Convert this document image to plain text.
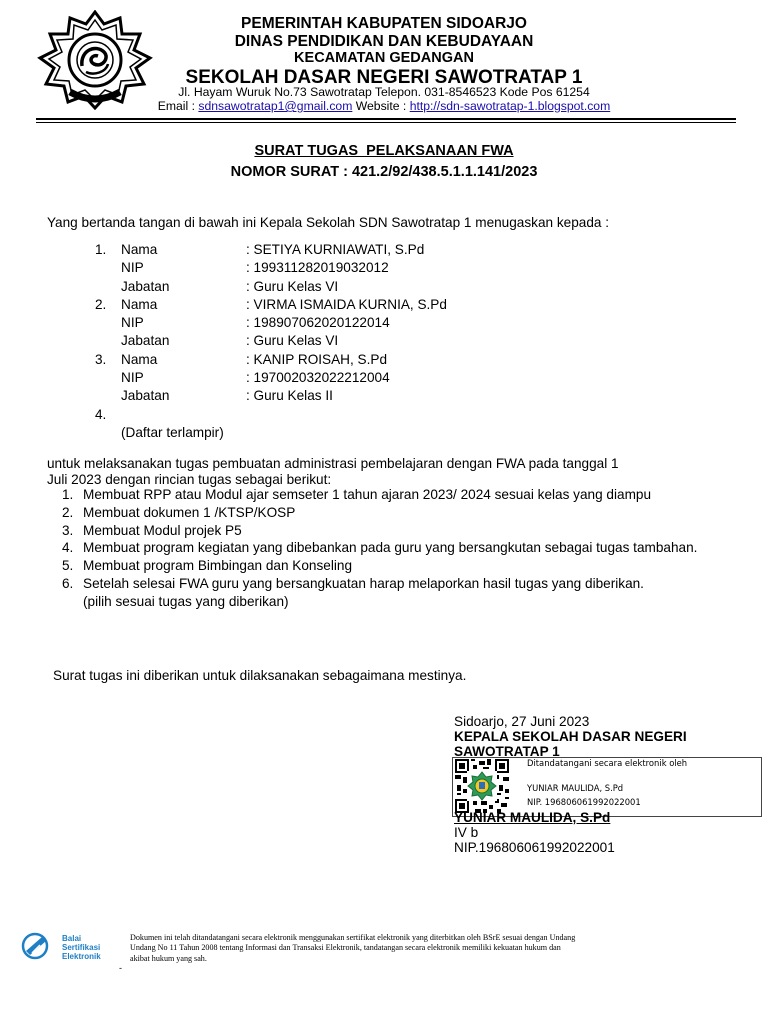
PEMERINTAH KABUPATEN SIDOARJO
DINAS PENDIDIKAN DAN KEBUDAYAAN
KECAMATAN GEDANGAN
SEKOLAH DASAR NEGERI SAWOTRATAP 1
Jl. Hayam Wuruk No.73 Sawotratap Telepon. 031-8546523 Kode Pos 61254
Email : sdnsawotratap1@gmail.com Website : http://sdn-sawotratap-1.blogspot.com
SURAT TUGAS  PELAKSANAAN FWA
NOMOR SURAT : 421.2/92/438.5.1.1.141/2023
Yang bertanda tangan di bawah ini Kepala Sekolah SDN Sawotratap 1 menugaskan kepada :
1.	Nama	: SETIYA KURNIAWATI, S.Pd
NIP	: 199311282019032012
Jabatan	: Guru Kelas VI
2.	Nama	: VIRMA ISMAIDA KURNIA, S.Pd
NIP	: 198907062020122014
Jabatan	: Guru Kelas VI
3.	Nama	: KANIP ROISAH, S.Pd
NIP	: 197002032022212004
Jabatan	: Guru Kelas II
4.
(Daftar terlampir)
untuk melaksanakan tugas pembuatan administrasi pembelajaran dengan FWA pada tanggal 1
Juli 2023 dengan rincian tugas sebagai berikut:
1. Membuat RPP atau Modul ajar semseter 1 tahun ajaran 2023/ 2024 sesuai kelas yang diampu
2. Membuat dokumen 1 /KTSP/KOSP
3. Membuat Modul projek P5
4. Membuat program kegiatan yang dibebankan pada guru yang bersangkutan sebagai tugas tambahan.
5. Membuat program Bimbingan dan Konseling
6. Setelah selesai FWA guru yang bersangkuatan harap melaporkan hasil tugas yang diberikan.
(pilih sesuai tugas yang diberikan)
Surat tugas ini diberikan untuk dilaksanakan sebagaimana mestinya.
Sidoarjo, 27 Juni 2023
KEPALA SEKOLAH DASAR NEGERI
SAWOTRATAP 1
Ditandatangani secara elektronik oleh
YUNIAR MAULIDA, S.Pd
NIP. 196806061992022001
YUNIAR MAULIDA, S.Pd
IV b
NIP.196806061992022001
Balai
Sertifikasi
Elektronik
Dokumen ini telah ditandatangani secara elektronik menggunakan sertifikat elektronik yang diterbitkan oleh BSrE sesuai dengan Undang
Undang No 11 Tahun 2008 tentang Informasi dan Transaksi Elektronik, tandatangan secara elektronik memiliki kekuatan hukum dan
akibat hukum yang sah.
-
